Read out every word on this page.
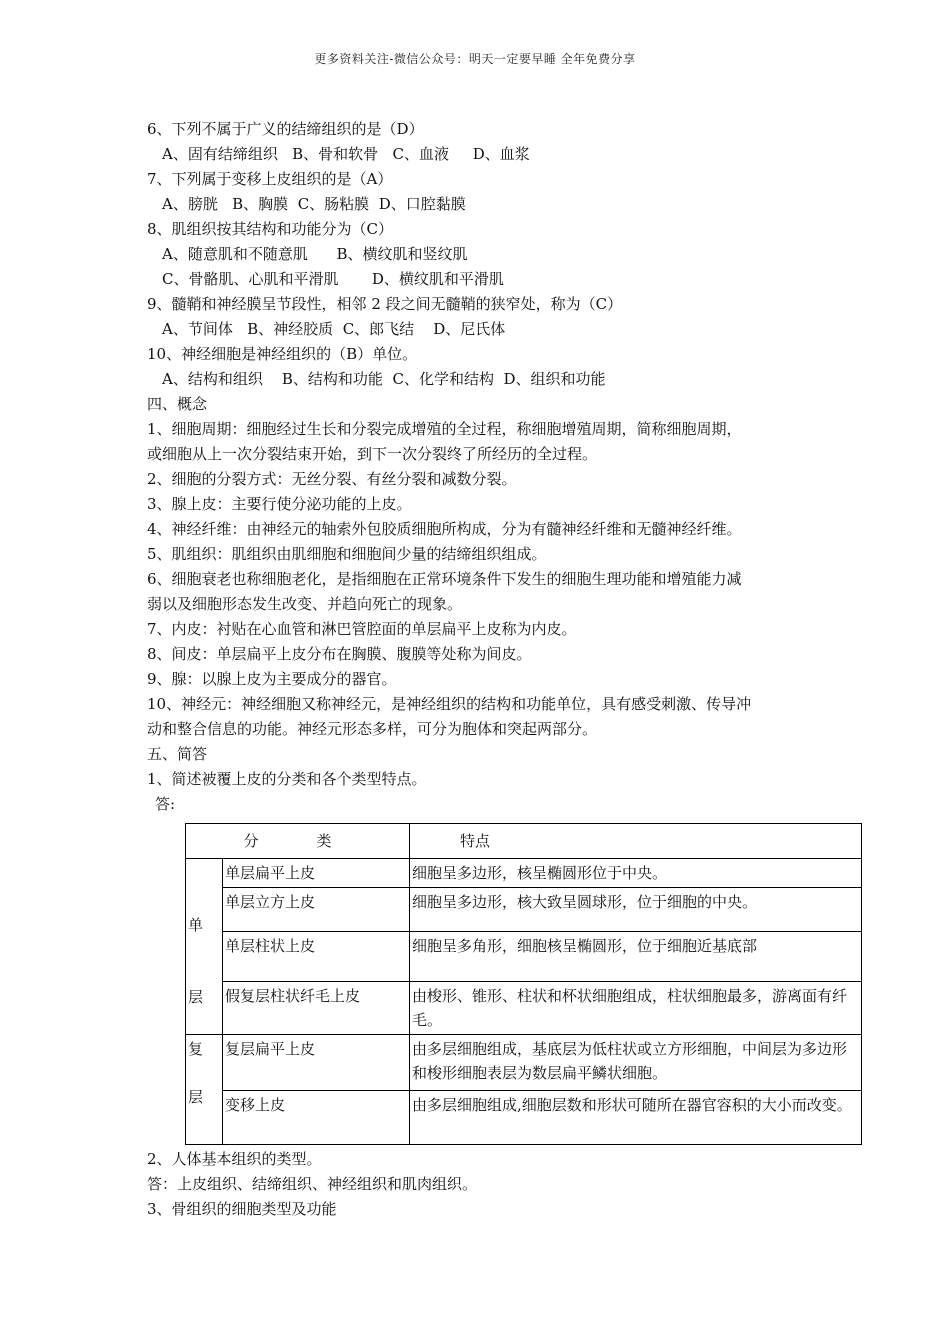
更多资料关注-微信公众号：明天一定要早睡 全年免费分享
6、下列不属于广义的结缔组织的是（D）
A、固有结缔组织   B、骨和软骨   C、血液     D、血浆
7、下列属于变移上皮组织的是（A）
A、膀胱   B、胸膜  C、肠粘膜  D、口腔黏膜
8、肌组织按其结构和功能分为（C）
A、随意肌和不随意肌      B、横纹肌和竖纹肌
C、骨骼肌、心肌和平滑肌       D、横纹肌和平滑肌
9、髓鞘和神经膜呈节段性，相邻 2 段之间无髓鞘的狭窄处，称为（C）
A、节间体   B、神经胶质  C、郎飞结    D、尼氏体
10、神经细胞是神经组织的（B）单位。
A、结构和组织    B、结构和功能  C、化学和结构  D、组织和功能
四、概念
1、细胞周期：细胞经过生长和分裂完成增殖的全过程，称细胞增殖周期，简称细胞周期，
或细胞从上一次分裂结束开始，到下一次分裂终了所经历的全过程。
2、细胞的分裂方式：无丝分裂、有丝分裂和减数分裂。
3、腺上皮：主要行使分泌功能的上皮。
4、神经纤维：由神经元的轴索外包胶质细胞所构成，分为有髓神经纤维和无髓神经纤维。
5、肌组织：肌组织由肌细胞和细胞间少量的结缔组织组成。
6、细胞衰老也称细胞老化，是指细胞在正常环境条件下发生的细胞生理功能和增殖能力减
弱以及细胞形态发生改变、并趋向死亡的现象。
7、内皮：衬贴在心血管和淋巴管腔面的单层扁平上皮称为内皮。
8、间皮：单层扁平上皮分布在胸膜、腹膜等处称为间皮。
9、腺：以腺上皮为主要成分的器官。
10、神经元：神经细胞又称神经元，是神经组织的结构和功能单位，具有感受刺激、传导冲
动和整合信息的功能。神经元形态多样，可分为胞体和突起两部分。
五、简答
1、简述被覆上皮的分类和各个类型特点。
答:
分类		特点
单

层	单层扁平上皮	细胞呈多边形，核呈椭圆形位于中央。
	单层立方上皮	细胞呈多边形，核大致呈圆球形，位于细胞的中央。
	单层柱状上皮	细胞呈多角形，细胞核呈椭圆形，位于细胞近基底部
	假复层柱状纤毛上皮	由梭形、锥形、柱状和杯状细胞组成，柱状细胞最多，游离面有纤毛。
复

层	复层扁平上皮	由多层细胞组成，基底层为低柱状或立方形细胞，中间层为多边形和梭形细胞表层为数层扁平鳞状细胞。
	变移上皮	由多层细胞组成,细胞层数和形状可随所在器官容积的大小而改变。
2、人体基本组织的类型。
答：上皮组织、结缔组织、神经组织和肌肉组织。
3、骨组织的细胞类型及功能
